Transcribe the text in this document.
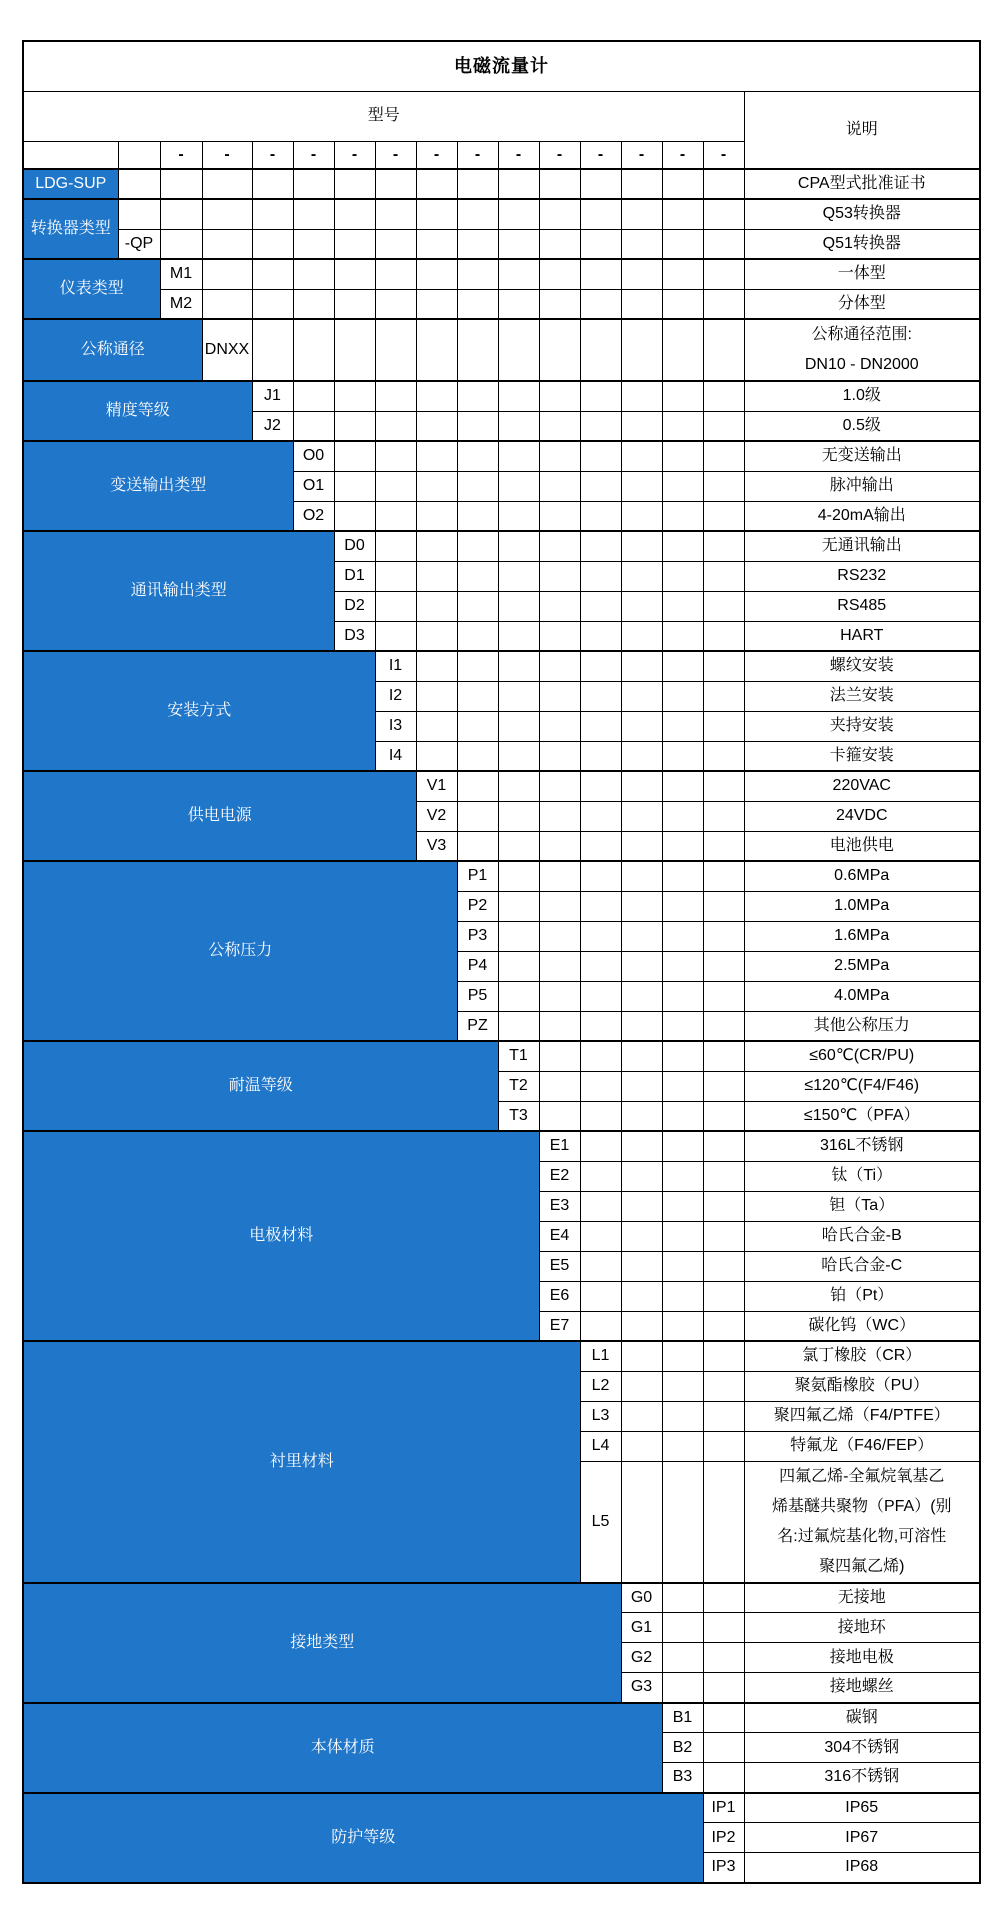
电磁流量计																
型号																说明
		-	-	-	-	-	-	-	-	-	-	-	-	-	-	
LDG-SUP																CPA型式批准证书
转换器类型																Q53转换器
	-QP															Q51转换器
仪表类型		M1														一体型
		M2														分体型
公称通径			DNXX													公称通径范围:
DN10 - DN2000

精度等级				J1												1.0级
				J2												0.5级
变送输出类型					O0											无变送输出
					O1											脉冲输出
					O2											4-20mA输出
通讯输出类型						D0										无通讯输出
						D1										RS232
						D2										RS485
						D3										HART
安装方式							I1									螺纹安装
							I2									法兰安装
							I3									夹持安装
							I4									卡箍安装
供电电源								V1								220VAC
								V2								24VDC
								V3								电池供电
公称压力									P1							0.6MPa
									P2							1.0MPa
									P3							1.6MPa
									P4							2.5MPa
									P5							4.0MPa
									PZ							其他公称压力
耐温等级										T1						≤60℃(CR/PU)
										T2						≤120℃(F4/F46)
										T3						≤150℃（PFA）
电极材料											E1					316L不锈钢
											E2					钛（Ti）
											E3					钽（Ta）
											E4					哈氏合金-B
											E5					哈氏合金-C
											E6					铂（Pt）
											E7					碳化钨（WC）
衬里材料												L1				氯丁橡胶（CR）
												L2				聚氨酯橡胶（PU）
												L3				聚四氟乙烯（F4/PTFE）
												L4				特氟龙（F46/FEP）
												L5				四氟乙烯-全氟烷氧基乙
烯基醚共聚物（PFA）(别
名:过氟烷基化物,可溶性
聚四氟乙烯)

接地类型													G0			无接地
													G1			接地环
													G2			接地电极
													G3			接地螺丝
本体材质														B1		碳钢
														B2		304不锈钢
														B3		316不锈钢
防护等级															IP1	IP65
															IP2	IP67
															IP3	IP68
